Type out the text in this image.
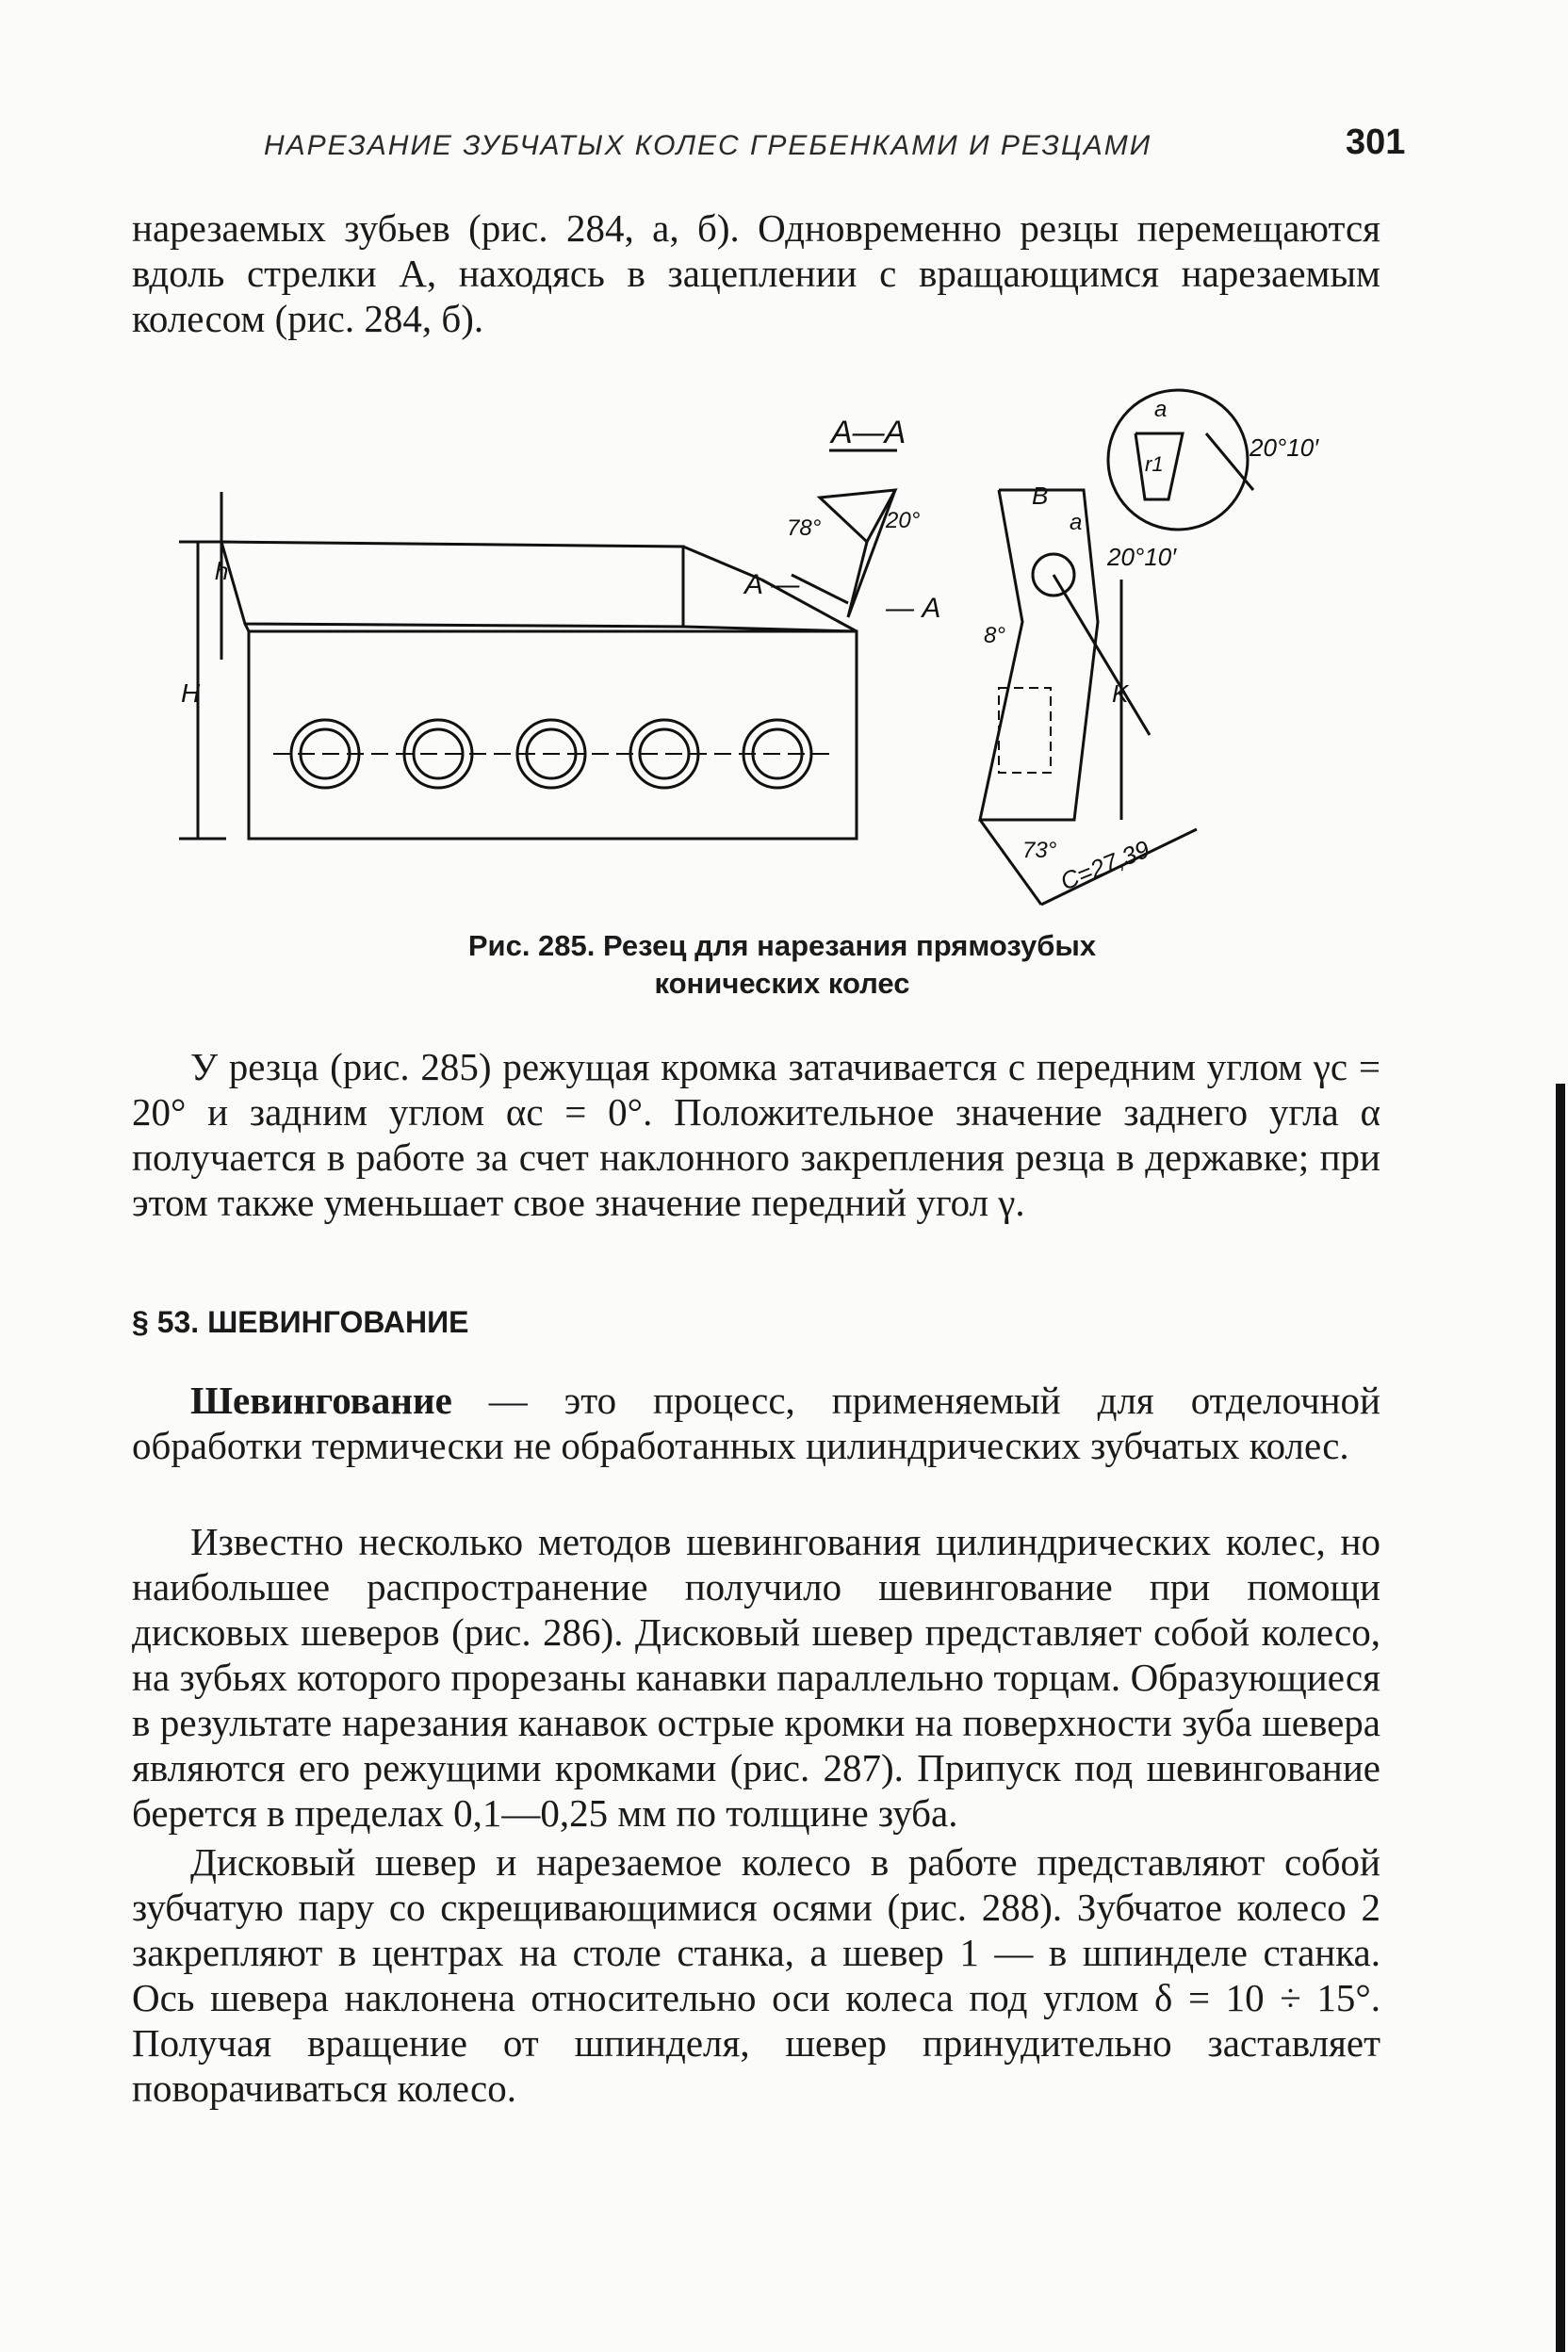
НАРЕЗАНИЕ ЗУБЧАТЫХ КОЛЕС ГРЕБЕНКАМИ И РЕЗЦАМИ	301

нарезаемых зубьев (рис. 284, а, б). Одновременно резцы перемещаются вдоль стрелки А, находясь в зацеплении с вращающимся нарезаемым колесом (рис. 284, б).

А—А
А —
— А
78°	20°
20°10′
20°10′
8°
73°
h
H
B
a
a
r1
K
C=27,39
Рис. 285. Резец для нарезания прямозубых
конических колес

У резца (рис. 285) режущая кромка затачивается с передним углом γc = 20° и задним углом αc = 0°. Положительное значение заднего угла α получается в работе за счет наклонного закрепления резца в державке; при этом также уменьшает свое значение передний угол γ.

§ 53. ШЕВИНГОВАНИЕ

Шевингование — это процесс, применяемый для отделочной обработки термически не обработанных цилиндрических зубчатых колес.

Известно несколько методов шевингования цилиндрических колес, но наибольшее распространение получило шевингование при помощи дисковых шеверов (рис. 286). Дисковый шевер представляет собой колесо, на зубьях которого прорезаны канавки параллельно торцам. Образующиеся в результате нарезания канавок острые кромки на поверхности зуба шевера являются его режущими кромками (рис. 287). Припуск под шевингование берется в пределах 0,1—0,25 мм по толщине зуба.

Дисковый шевер и нарезаемое колесо в работе представляют собой зубчатую пару со скрещивающимися осями (рис. 288). Зубчатое колесо 2 закрепляют в центрах на столе станка, а шевер 1 — в шпинделе станка. Ось шевера наклонена относительно оси колеса под углом δ = 10 ÷ 15°. Получая вращение от шпинделя, шевер принудительно заставляет поворачиваться колесо.
